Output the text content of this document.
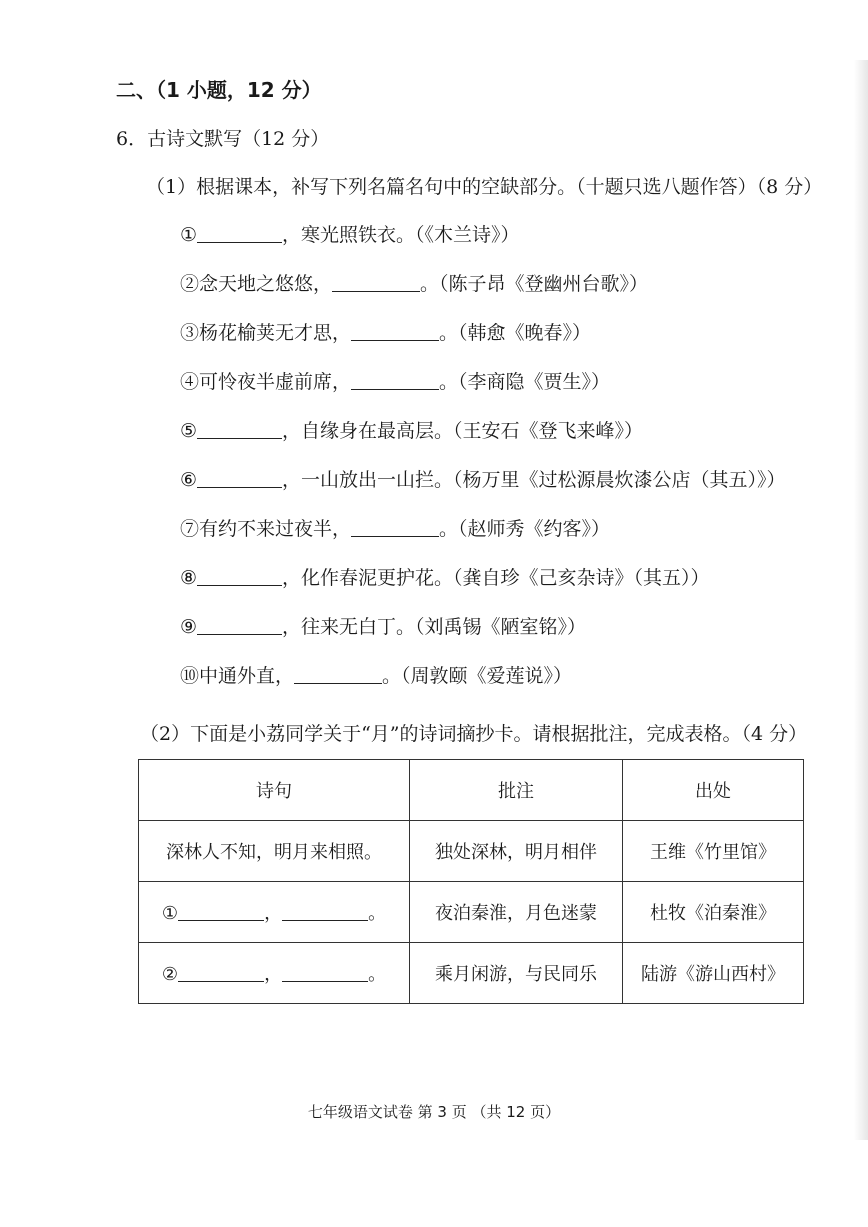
二、（1 小题，12 分）
6．古诗文默写（12 分）
（1）根据课本，补写下列名篇名句中的空缺部分。（十题只选八题作答）（8 分）
①	，寒光照铁衣。（《木兰诗》）
②念天地之悠悠，	。（陈子昂《登幽州台歌》）
③杨花榆荚无才思，	。（韩愈《晚春》）
④可怜夜半虚前席，	。（李商隐《贾生》）
⑤	，自缘身在最高层。（王安石《登飞来峰》）
⑥	，一山放出一山拦。（杨万里《过松源晨炊漆公店（其五）》）
⑦有约不来过夜半，	。（赵师秀《约客》）
⑧	，化作春泥更护花。（龚自珍《己亥杂诗》（其五））
⑨	，往来无白丁。（刘禹锡《陋室铭》）
⑩中通外直，	。（周敦颐《爱莲说》）
（2）下面是小荔同学关于“月”的诗词摘抄卡。请根据批注，完成表格。（4 分）
诗句	批注	出处
深林人不知，明月来相照。	独处深林，明月相伴	王维《竹里馆》
① ， 。	夜泊秦淮，月色迷蒙	杜牧《泊秦淮》
② ， 。	乘月闲游，与民同乐	陆游《游山西村》
七年级语文试卷 第 3 页 （共 12 页）
